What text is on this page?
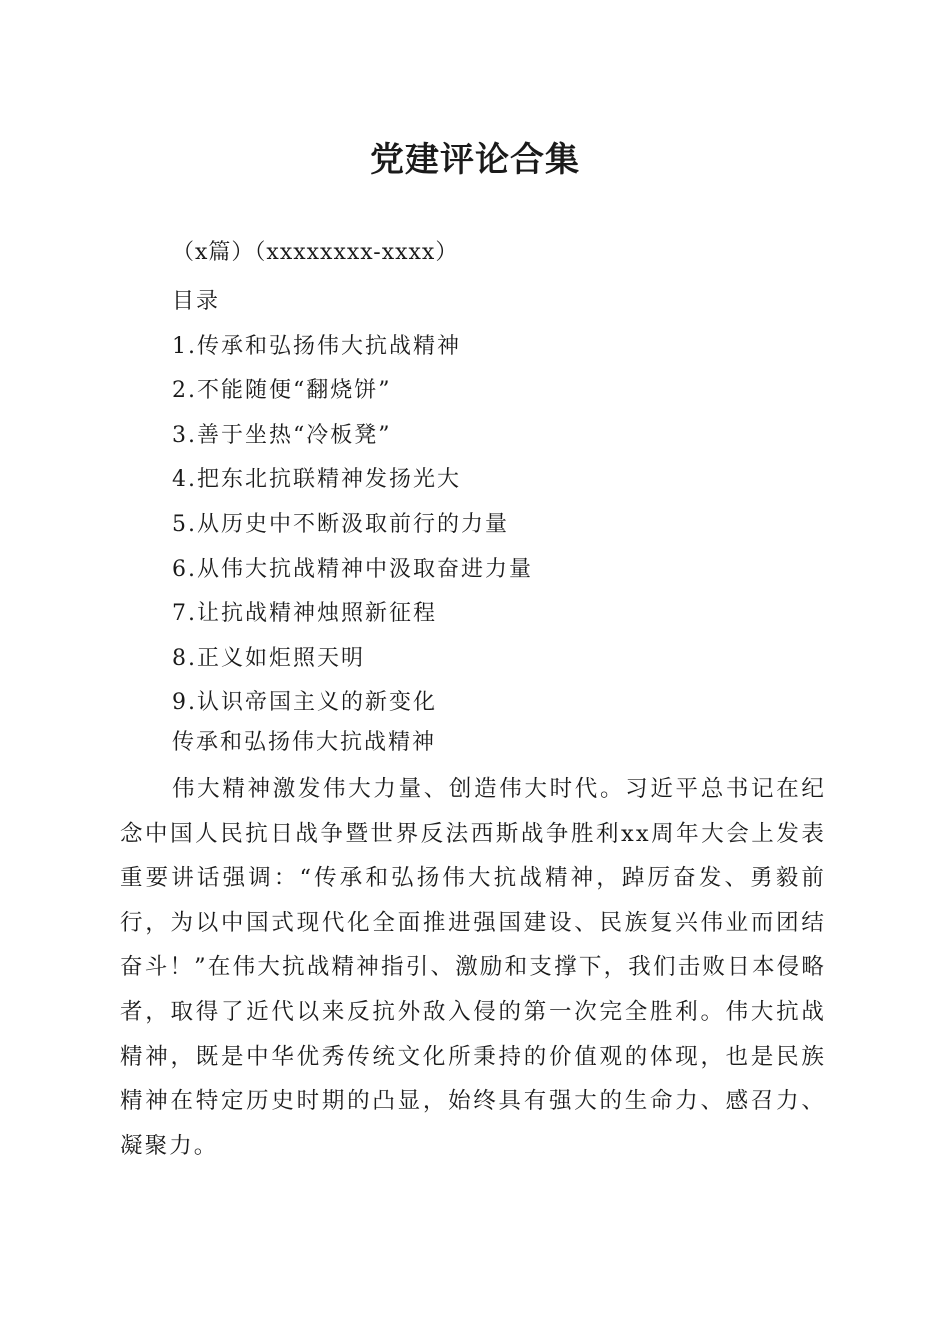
党建评论合集
（x篇）（xxxxxxxx-xxxx）
目录
1.传承和弘扬伟大抗战精神
2.不能随便“翻烧饼”
3.善于坐热“冷板凳”
4.把东北抗联精神发扬光大
5.从历史中不断汲取前行的力量
6.从伟大抗战精神中汲取奋进力量
7.让抗战精神烛照新征程
8.正义如炬照天明
9.认识帝国主义的新变化
传承和弘扬伟大抗战精神

伟大精神激发伟大力量、创造伟大时代。习近平总书记在纪念中国人民抗日战争暨世界反法西斯战争胜利xx周年大会上发表重要讲话强调：“传承和弘扬伟大抗战精神，踔厉奋发、勇毅前行，为以中国式现代化全面推进强国建设、民族复兴伟业而团结奋斗！”在伟大抗战精神指引、激励和支撑下，我们击败日本侵略者，取得了近代以来反抗外敌入侵的第一次完全胜利。伟大抗战精神，既是中华优秀传统文化所秉持的价值观的体现，也是民族精神在特定历史时期的凸显，始终具有强大的生命力、感召力、凝聚力。
